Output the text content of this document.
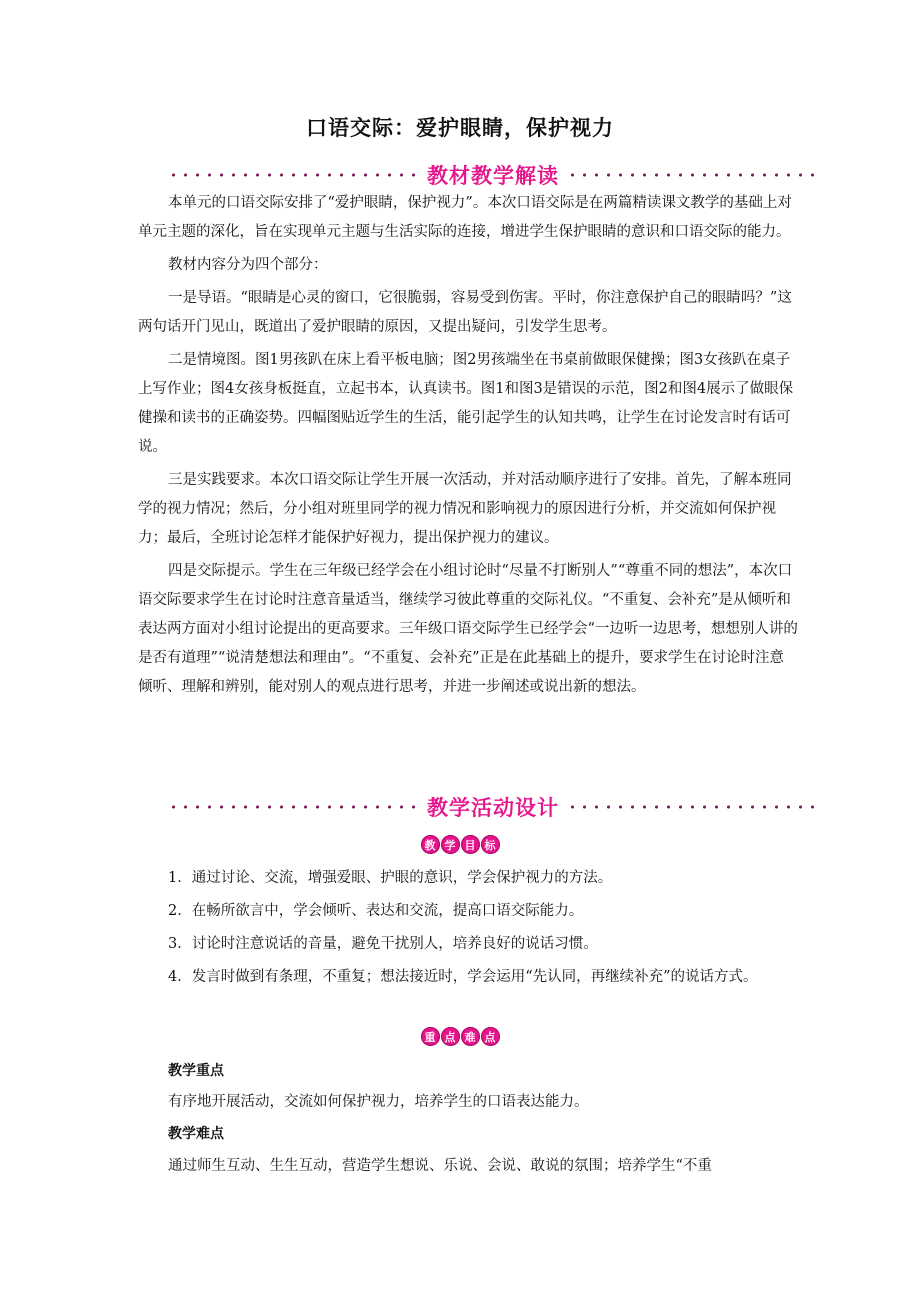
口语交际：爱护眼睛，保护视力
教材教学解读

本单元的口语交际安排了“爱护眼睛，保护视力”。本次口语交际是在两篇精读课文教学的基础上对单元主题的深化，旨在实现单元主题与生活实际的连接，增进学生保护眼睛的意识和口语交际的能力。

教材内容分为四个部分：

一是导语。“眼睛是心灵的窗口，它很脆弱，容易受到伤害。平时，你注意保护自己的眼睛吗？”这两句话开门见山，既道出了爱护眼睛的原因，又提出疑问，引发学生思考。

二是情境图。图1男孩趴在床上看平板电脑；图2男孩端坐在书桌前做眼保健操；图3女孩趴在桌子上写作业；图4女孩身板挺直，立起书本，认真读书。图1和图3是错误的示范，图2和图4展示了做眼保健操和读书的正确姿势。四幅图贴近学生的生活，能引起学生的认知共鸣，让学生在讨论发言时有话可说。

三是实践要求。本次口语交际让学生开展一次活动，并对活动顺序进行了安排。首先，了解本班同学的视力情况；然后，分小组对班里同学的视力情况和影响视力的原因进行分析，并交流如何保护视力；最后，全班讨论怎样才能保护好视力，提出保护视力的建议。

四是交际提示。学生在三年级已经学会在小组讨论时“尽量不打断别人”“尊重不同的想法”，本次口语交际要求学生在讨论时注意音量适当，继续学习彼此尊重的交际礼仪。“不重复、会补充”是从倾听和表达两方面对小组讨论提出的更高要求。三年级口语交际学生已经学会“一边听一边思考，想想别人讲的是否有道理”“说清楚想法和理由”。“不重复、会补充”正是在此基础上的提升，要求学生在讨论时注意倾听、理解和辨别，能对别人的观点进行思考，并进一步阐述或说出新的想法。

教学活动设计
教 学 目 标

1．通过讨论、交流，增强爱眼、护眼的意识，学会保护视力的方法。

2．在畅所欲言中，学会倾听、表达和交流，提高口语交际能力。

3．讨论时注意说话的音量，避免干扰别人，培养良好的说话习惯。

4．发言时做到有条理，不重复；想法接近时，学会运用“先认同，再继续补充”的说话方式。

重 点 难 点
教学重点
有序地开展活动，交流如何保护视力，培养学生的口语表达能力。
教学难点
通过师生互动、生生互动，营造学生想说、乐说、会说、敢说的氛围；培养学生“不重
